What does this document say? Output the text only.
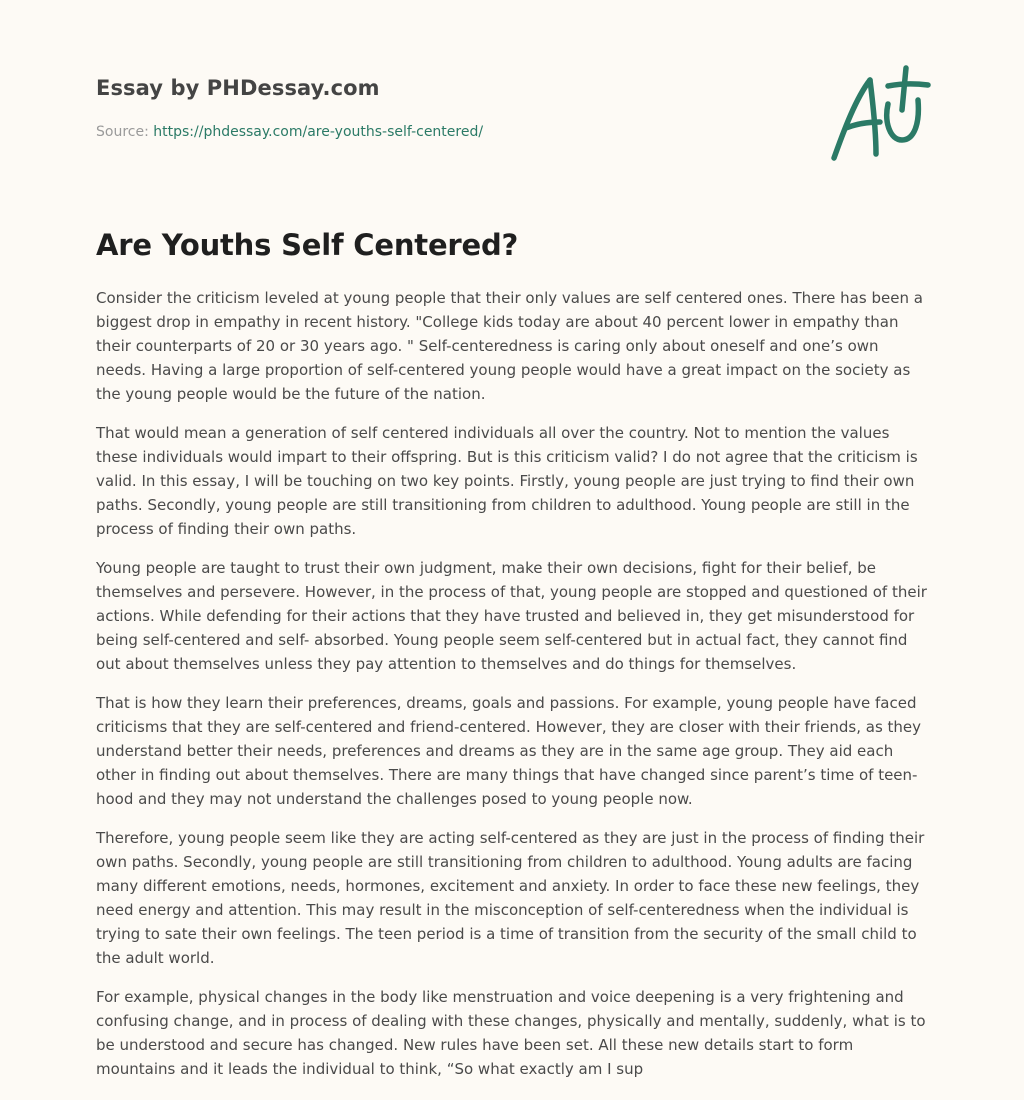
Essay by PHDessay.com
Source: https://phdessay.com/are-youths-self-centered/
Are Youths Self Centered?

Consider the criticism leveled at young people that their only values are self centered ones. There has been a biggest drop in empathy in recent history. "College kids today are about 40 percent lower in empathy than their counterparts of 20 or 30 years ago. " Self-centeredness is caring only about oneself and one’s own needs. Having a large proportion of self-centered young people would have a great impact on the society as the young people would be the future of the nation.

That would mean a generation of self centered individuals all over the country. Not to mention the values these individuals would impart to their offspring. But is this criticism valid? I do not agree that the criticism is valid. In this essay, I will be touching on two key points. Firstly, young people are just trying to find their own paths. Secondly, young people are still transitioning from children to adulthood. Young people are still in the process of finding their own paths.

Young people are taught to trust their own judgment, make their own decisions, fight for their belief, be themselves and persevere. However, in the process of that, young people are stopped and questioned of their actions. While defending for their actions that they have trusted and believed in, they get misunderstood for being self-centered and self- absorbed. Young people seem self-centered but in actual fact, they cannot find out about themselves unless they pay attention to themselves and do things for themselves.

That is how they learn their preferences, dreams, goals and passions. For example, young people have faced criticisms that they are self-centered and friend-centered. However, they are closer with their friends, as they understand better their needs, preferences and dreams as they are in the same age group. They aid each other in finding out about themselves. There are many things that have changed since parent’s time of teen-hood and they may not understand the challenges posed to young people now.

Therefore, young people seem like they are acting self-centered as they are just in the process of finding their own paths. Secondly, young people are still transitioning from children to adulthood. Young adults are facing many different emotions, needs, hormones, excitement and anxiety. In order to face these new feelings, they need energy and attention. This may result in the misconception of self-centeredness when the individual is trying to sate their own feelings. The teen period is a time of transition from the security of the small child to the adult world.

For example, physical changes in the body like menstruation and voice deepening is a very frightening and confusing change, and in process of dealing with these changes, physically and mentally, suddenly, what is to be understood and secure has changed. New rules have been set. All these new details start to form mountains and it leads the individual to think, “So what exactly am I sup
